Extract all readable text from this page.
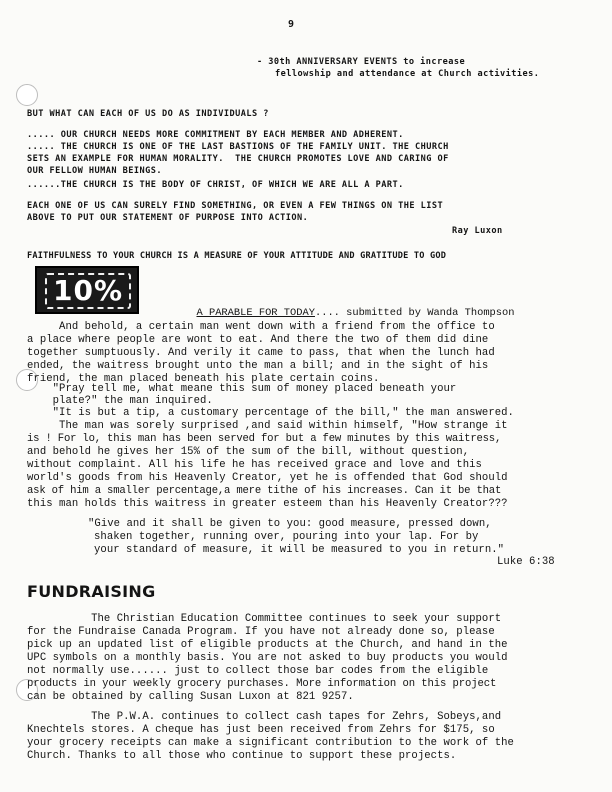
9
- 30th ANNIVERSARY EVENTS to increase
fellowship and attendance at Church activities.
BUT WHAT CAN EACH OF US DO AS INDIVIDUALS ?
..... OUR CHURCH NEEDS MORE COMMITMENT BY EACH MEMBER AND ADHERENT.
..... THE CHURCH IS ONE OF THE LAST BASTIONS OF THE FAMILY UNIT. THE CHURCH
SETS AN EXAMPLE FOR HUMAN MORALITY.  THE CHURCH PROMOTES LOVE AND CARING OF
OUR FELLOW HUMAN BEINGS.
......THE CHURCH IS THE BODY OF CHRIST, OF WHICH WE ARE ALL A PART.
EACH ONE OF US CAN SURELY FIND SOMETHING, OR EVEN A FEW THINGS ON THE LIST
ABOVE TO PUT OUR STATEMENT OF PURPOSE INTO ACTION.
Ray Luxon
FAITHFULNESS TO YOUR CHURCH IS A MEASURE OF YOUR ATTITUDE AND GRATITUDE TO GOD
10%

A PARABLE FOR TODAY.... submitted by Wanda Thompson

And behold, a certain man went down with a friend from the office to
a place where people are wont to eat. And there the two of them did dine
together sumptuously. And verily it came to pass, that when the lunch had
ended, the waitress brought unto the man a bill; and in the sight of his
friend, the man placed beneath his plate certain coins.
"Pray tell me, what meane this sum of money placed beneath your
plate?" the man inquired.
"It is but a tip, a customary percentage of the bill," the man answered.
The man was sorely surprised ,and said within himself, "How strange it
is ! For lo, this man has been served for but a few minutes by this waitress,
and behold he gives her 15% of the sum of the bill, without question,
without complaint. All his life he has received grace and love and this
world's goods from his Heavenly Creator, yet he is offended that God should
ask of him a smaller percentage,a mere tithe of his increases. Can it be that
this man holds this waitress in greater esteem than his Heavenly Creator???
"Give and it shall be given to you: good measure, pressed down,
shaken together, running over, pouring into your lap. For by
your standard of measure, it will be measured to you in return."
Luke 6:38
FUNDRAISING
The Christian Education Committee continues to seek your support
for the Fundraise Canada Program. If you have not already done so, please
pick up an updated list of eligible products at the Church, and hand in the
UPC symbols on a monthly basis. You are not asked to buy products you would
not normally use...... just to collect those bar codes from the eligible
products in your weekly grocery purchases. More information on this project
can be obtained by calling Susan Luxon at 821 9257.
The P.W.A. continues to collect cash tapes for Zehrs, Sobeys,and
Knechtels stores. A cheque has just been received from Zehrs for $175, so
your grocery receipts can make a significant contribution to the work of the
Church. Thanks to all those who continue to support these projects.
